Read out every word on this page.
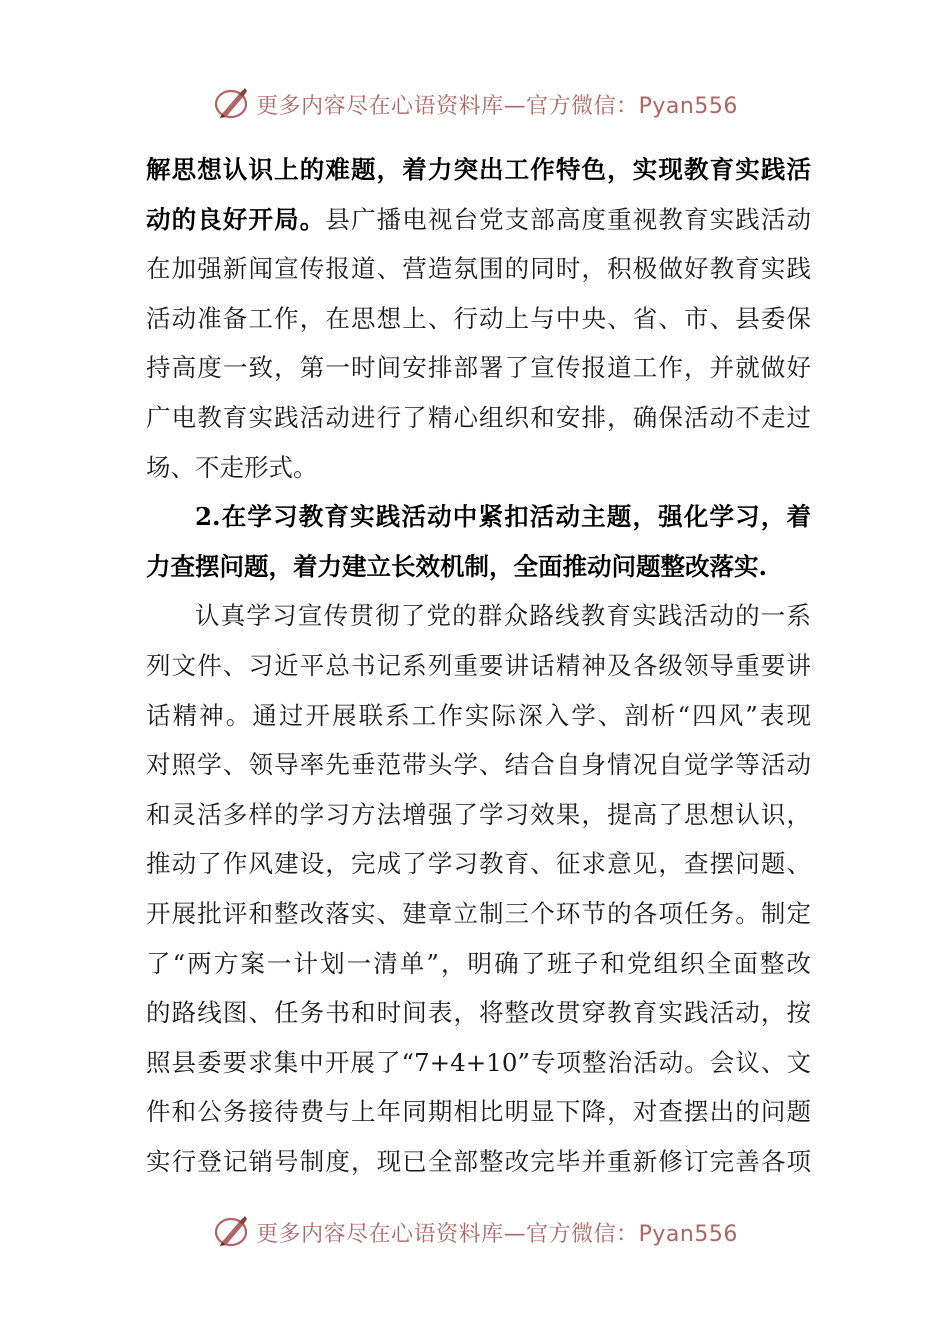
更多内容尽在心语资料库—官方微信：Pyan556
解思想认识上的难题，着力突出工作特色，实现教育实践活
动的良好开局。县广播电视台党支部高度重视教育实践活动
在加强新闻宣传报道、营造氛围的同时，积极做好教育实践
活动准备工作，在思想上、行动上与中央、省、市、县委保
持高度一致，第一时间安排部署了宣传报道工作，并就做好
广电教育实践活动进行了精心组织和安排，确保活动不走过
场、不走形式。
2.在学习教育实践活动中紧扣活动主题，强化学习，着
力查摆问题，着力建立长效机制，全面推动问题整改落实.
认真学习宣传贯彻了党的群众路线教育实践活动的一系
列文件、习近平总书记系列重要讲话精神及各级领导重要讲
话精神。通过开展联系工作实际深入学、剖析“四风”表现
对照学、领导率先垂范带头学、结合自身情况自觉学等活动
和灵活多样的学习方法增强了学习效果，提高了思想认识，
推动了作风建设，完成了学习教育、征求意见，查摆问题、
开展批评和整改落实、建章立制三个环节的各项任务。制定
了“两方案一计划一清单”，明确了班子和党组织全面整改
的路线图、任务书和时间表，将整改贯穿教育实践活动，按
照县委要求集中开展了“7+4+10”专项整治活动。会议、文
件和公务接待费与上年同期相比明显下降，对查摆出的问题
实行登记销号制度，现已全部整改完毕并重新修订完善各项
更多内容尽在心语资料库—官方微信：Pyan556
